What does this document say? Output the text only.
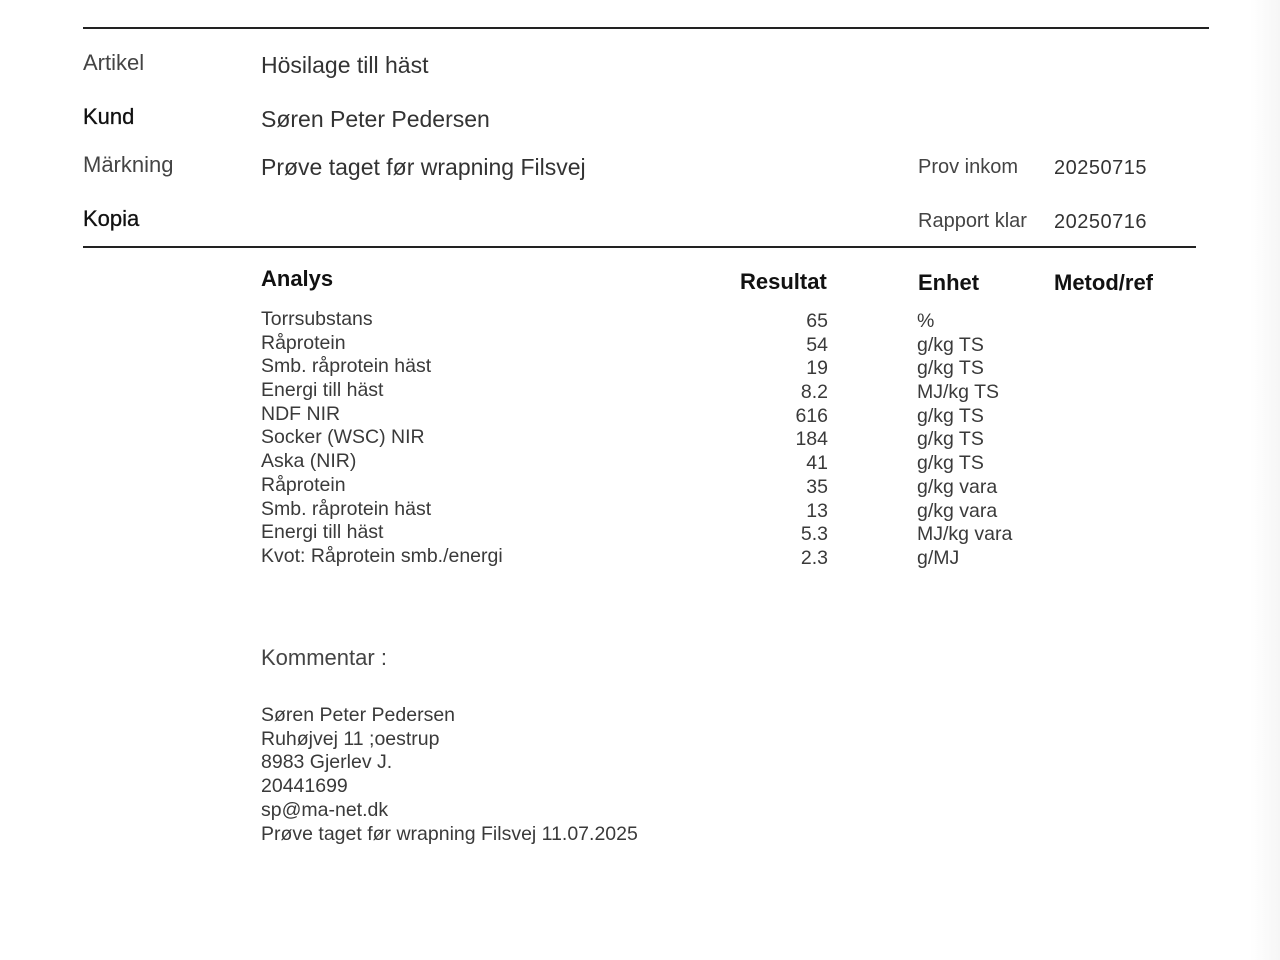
Artikel	Hösilage till häst
Kund	Søren Peter Pedersen
Märkning	Prøve taget før wrapning Filsvej	Prov inkom 20250715
Kopia	Rapport klar 20250716
Analys	Resultat	Enhet	Metod/ref
Torrsubstans	65	%
Råprotein	54	g/kg TS
Smb. råprotein häst	19	g/kg TS
Energi till häst	8.2	MJ/kg TS
NDF NIR	616	g/kg TS
Socker (WSC) NIR	184	g/kg TS
Aska (NIR)	41	g/kg TS
Råprotein	35	g/kg vara
Smb. råprotein häst	13	g/kg vara
Energi till häst	5.3	MJ/kg vara
Kvot: Råprotein smb./energi	2.3	g/MJ
Kommentar :
Søren Peter Pedersen
Ruhøjvej 11 ;oestrup
8983 Gjerlev J.
20441699
sp@ma-net.dk
Prøve taget før wrapning Filsvej 11.07.2025
